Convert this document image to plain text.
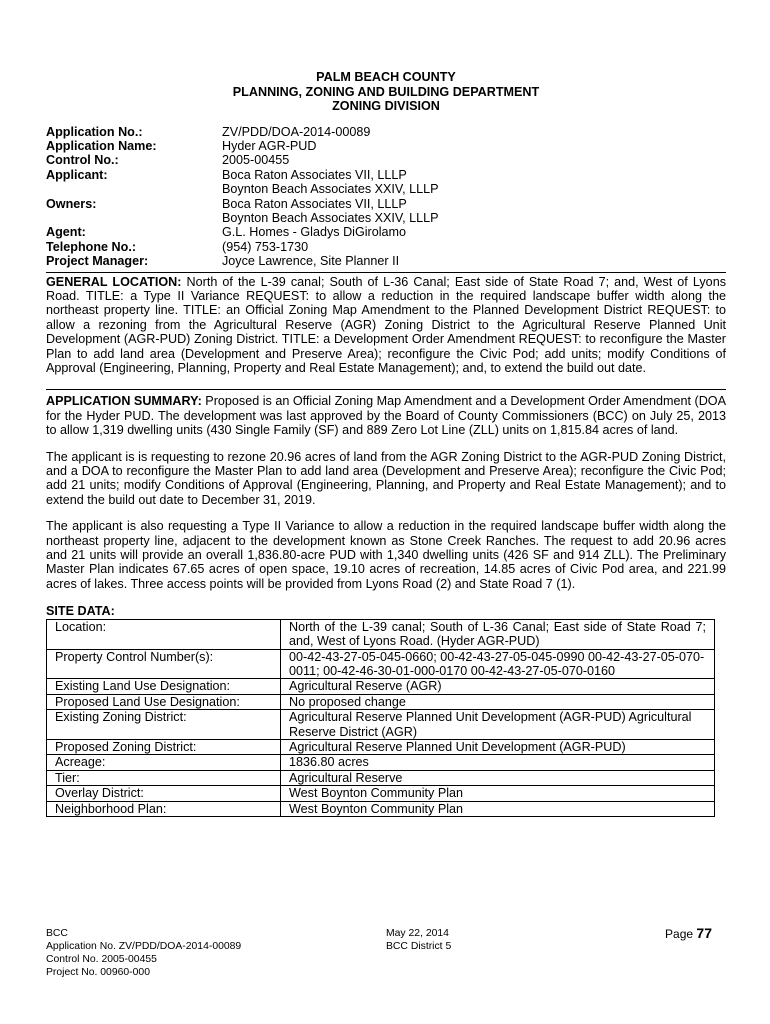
PALM BEACH COUNTY
PLANNING, ZONING AND BUILDING DEPARTMENT
ZONING DIVISION
Application No.:	ZV/PDD/DOA-2014-00089
Application Name:	Hyder AGR-PUD
Control No.:	2005-00455
Applicant:	Boca Raton Associates VII, LLLP
Boynton Beach Associates XXIV, LLLP
Owners:	Boca Raton Associates VII, LLLP
Boynton Beach Associates XXIV, LLLP
Agent:	G.L. Homes - Gladys DiGirolamo
Telephone No.:	(954) 753-1730
Project Manager:	Joyce Lawrence, Site Planner II

GENERAL LOCATION: North of the L-39 canal; South of L-36 Canal; East side of State Road 7; and, West of Lyons Road. TITLE: a Type II Variance REQUEST: to allow a reduction in the required landscape buffer width along the northeast property line. TITLE: an Official Zoning Map Amendment to the Planned Development District REQUEST: to allow a rezoning from the Agricultural Reserve (AGR) Zoning District to the Agricultural Reserve Planned Unit Development (AGR-PUD) Zoning District. TITLE: a Development Order Amendment REQUEST: to reconfigure the Master Plan to add land area (Development and Preserve Area); reconfigure the Civic Pod; add units; modify Conditions of Approval (Engineering, Planning, Property and Real Estate Management); and, to extend the build out date.

APPLICATION SUMMARY: Proposed is an Official Zoning Map Amendment and a Development Order Amendment (DOA for the Hyder PUD. The development was last approved by the Board of County Commissioners (BCC) on July 25, 2013 to allow 1,319 dwelling units (430 Single Family (SF) and 889 Zero Lot Line (ZLL) units on 1,815.84 acres of land.

The applicant is is requesting to rezone 20.96 acres of land from the AGR Zoning District to the AGR-PUD Zoning District, and a DOA to reconfigure the Master Plan to add land area (Development and Preserve Area); reconfigure the Civic Pod; add 21 units; modify Conditions of Approval (Engineering, Planning, and Property and Real Estate Management); and to extend the build out date to December 31, 2019.

The applicant is also requesting a Type II Variance to allow a reduction in the required landscape buffer width along the northeast property line, adjacent to the development known as Stone Creek Ranches. The request to add 20.96 acres and 21 units will provide an overall 1,836.80-acre PUD with 1,340 dwelling units (426 SF and 914 ZLL). The Preliminary Master Plan indicates 67.65 acres of open space, 19.10 acres of recreation, 14.85 acres of Civic Pod area, and 221.99 acres of lakes. Three access points will be provided from Lyons Road (2) and State Road 7 (1).

SITE DATA:
Location:	North of the L-39 canal; South of L-36 Canal; East side of State Road 7; and, West of Lyons Road. (Hyder AGR-PUD)
Property Control Number(s):	00-42-43-27-05-045-0660; 00-42-43-27-05-045-0990 00-42-43-27-05-070-0011; 00-42-46-30-01-000-0170 00-42-43-27-05-070-0160
Existing Land Use Designation:	Agricultural Reserve (AGR)
Proposed Land Use Designation:	No proposed change
Existing Zoning District:	Agricultural Reserve Planned Unit Development (AGR-PUD) Agricultural Reserve District (AGR)
Proposed Zoning District:	Agricultural Reserve Planned Unit Development (AGR-PUD)
Acreage:	1836.80 acres
Tier:	Agricultural Reserve
Overlay District:	West Boynton Community Plan
Neighborhood Plan:	West Boynton Community Plan
BCC
Application No. ZV/PDD/DOA-2014-00089
Control No. 2005-00455
Project No. 00960-000
May 22, 2014
BCC District 5
Page 77
